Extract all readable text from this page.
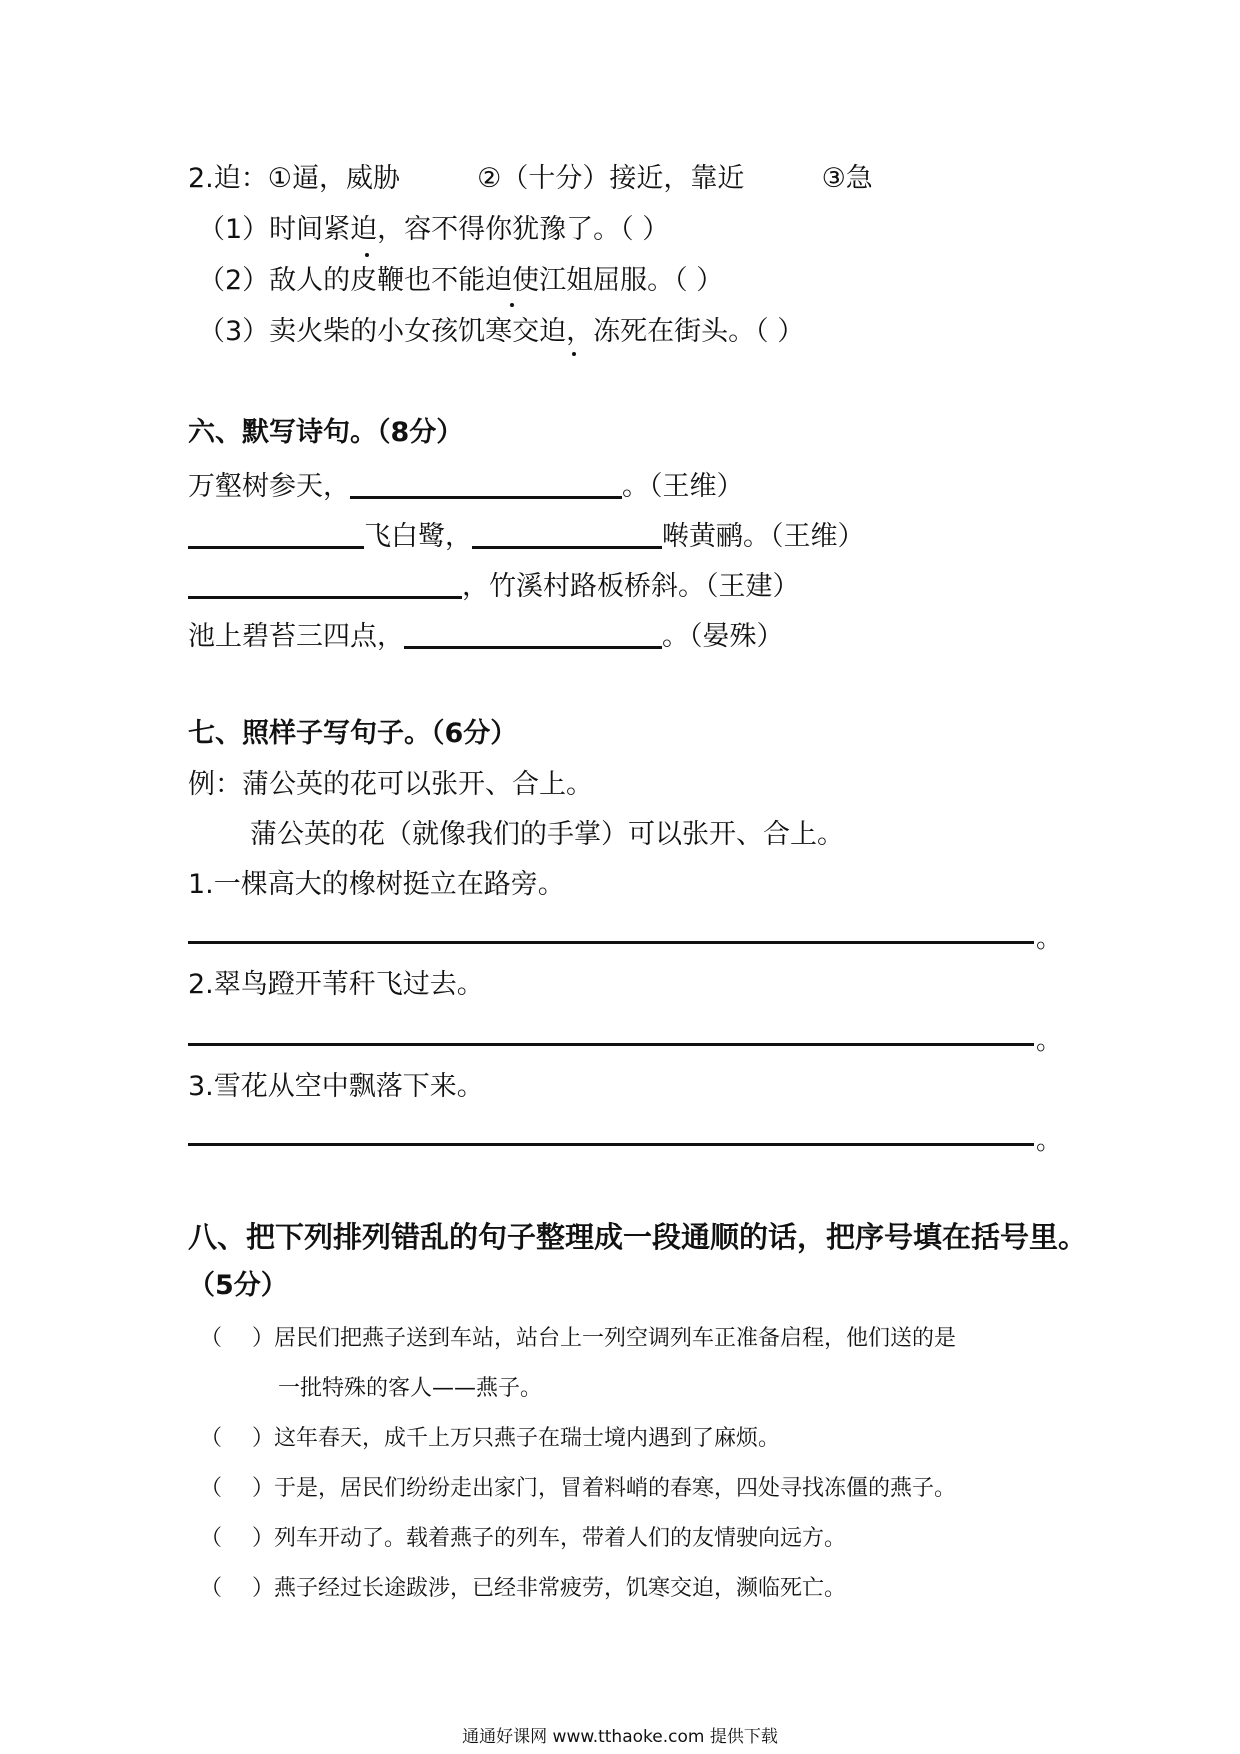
2.迫：①逼，威胁	②（十分）接近，靠近	③急
（1）时间紧迫，容不得你犹豫了。（ ）
（2）敌人的皮鞭也不能迫使江姐屈服。（ ）
（3）卖火柴的小女孩饥寒交迫，冻死在街头。（ ）
六、默写诗句。（8分）
万壑树参天，	。（王维）
飞白鹭，	啭黄鹂。（王维）
，竹溪村路板桥斜。（王建）
池上碧苔三四点，	。（晏殊）
七、照样子写句子。（6分）
例：蒲公英的花可以张开、合上。
蒲公英的花（就像我们的手掌）可以张开、合上。
1.一棵高大的橡树挺立在路旁。
。
2.翠鸟蹬开苇秆飞过去。
。
3.雪花从空中飘落下来。
。
八、把下列排列错乱的句子整理成一段通顺的话，把序号填在括号里。
（5分）
（ ）居民们把燕子送到车站，站台上一列空调列车正准备启程，他们送的是
一批特殊的客人——燕子。
（ ）这年春天，成千上万只燕子在瑞士境内遇到了麻烦。
（ ）于是，居民们纷纷走出家门，冒着料峭的春寒，四处寻找冻僵的燕子。
（ ）列车开动了。载着燕子的列车，带着人们的友情驶向远方。
（ ）燕子经过长途跋涉，已经非常疲劳，饥寒交迫，濒临死亡。
通通好课网 www.tthaoke.com 提供下载
